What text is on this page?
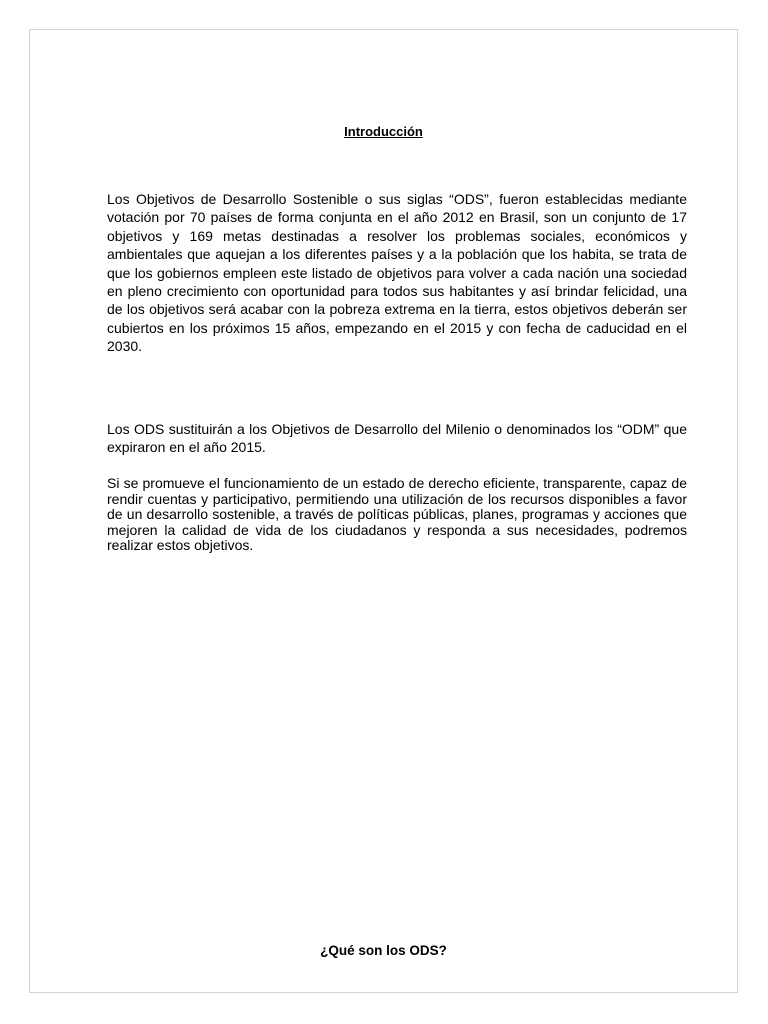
Introducción

Los Objetivos de Desarrollo Sostenible o sus siglas “ODS”, fueron establecidas mediante votación por 70 países de forma conjunta en el año 2012 en Brasil, son un conjunto de 17 objetivos y 169 metas destinadas a resolver los problemas sociales, económicos y ambientales que aquejan a los diferentes países y a la población que los habita, se trata de que los gobiernos empleen este listado de objetivos para volver a cada nación una sociedad en pleno crecimiento con oportunidad para todos sus habitantes y así brindar felicidad, una de los objetivos será acabar con la pobreza extrema en la tierra, estos objetivos deberán ser cubiertos en los próximos 15 años, empezando en el 2015 y con fecha de caducidad en el 2030.

Los ODS sustituirán a los Objetivos de Desarrollo del Milenio o denominados los “ODM” que expiraron en el año 2015.

Si se promueve el funcionamiento de un estado de derecho eficiente, transparente, capaz de rendir cuentas y participativo, permitiendo una utilización de los recursos disponibles a favor de un desarrollo sostenible, a través de políticas públicas, planes, programas y acciones que mejoren la calidad de vida de los ciudadanos y responda a sus necesidades, podremos realizar estos objetivos.

¿Qué son los ODS?
